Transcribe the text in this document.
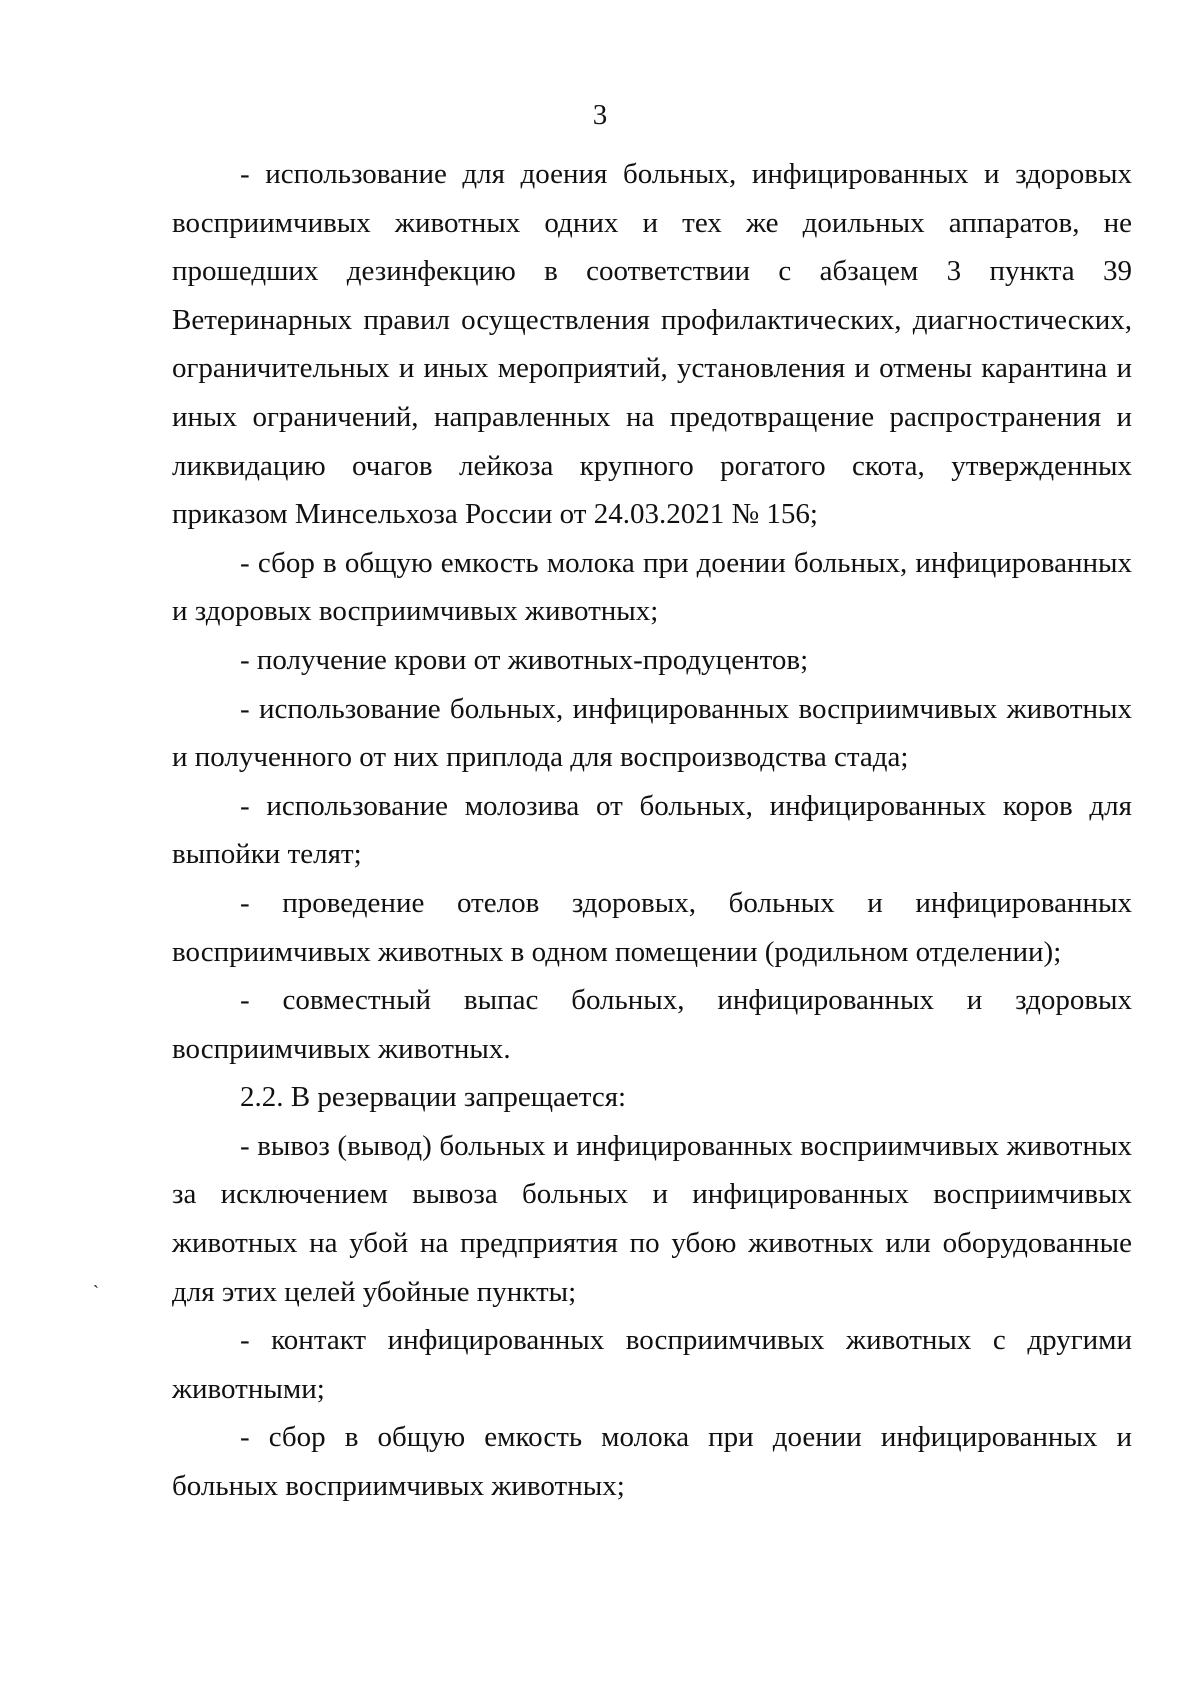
3

- использование для доения больных, инфицированных и здоровых восприимчивых животных одних и тех же доильных аппаратов, не прошедших дезинфекцию в соответствии с абзацем 3 пункта 39 Ветеринарных правил осуществления профилактических, диагностических, ограничительных и иных мероприятий, установления и отмены карантина и иных ограничений, направленных на предотвращение распространения и ликвидацию очагов лейкоза крупного рогатого скота, утвержденных приказом Минсельхоза России от 24.03.2021 № 156;

- сбор в общую емкость молока при доении больных, инфицированных и здоровых восприимчивых животных;

- получение крови от животных-продуцентов;

- использование больных, инфицированных восприимчивых животных и полученного от них приплода для воспроизводства стада;

- использование молозива от больных, инфицированных коров для выпойки телят;

- проведение отелов здоровых, больных и инфицированных восприимчивых животных в одном помещении (родильном отделении);

- совместный выпас больных, инфицированных и здоровых восприимчивых животных.

2.2. В резервации запрещается:

- вывоз (вывод) больных и инфицированных восприимчивых животных за исключением вывоза больных и инфицированных восприимчивых животных на убой на предприятия по убою животных или оборудованные для этих целей убойные пункты;

- контакт инфицированных восприимчивых животных с другими животными;

- сбор в общую емкость молока при доении инфицированных и больных восприимчивых животных;

`
